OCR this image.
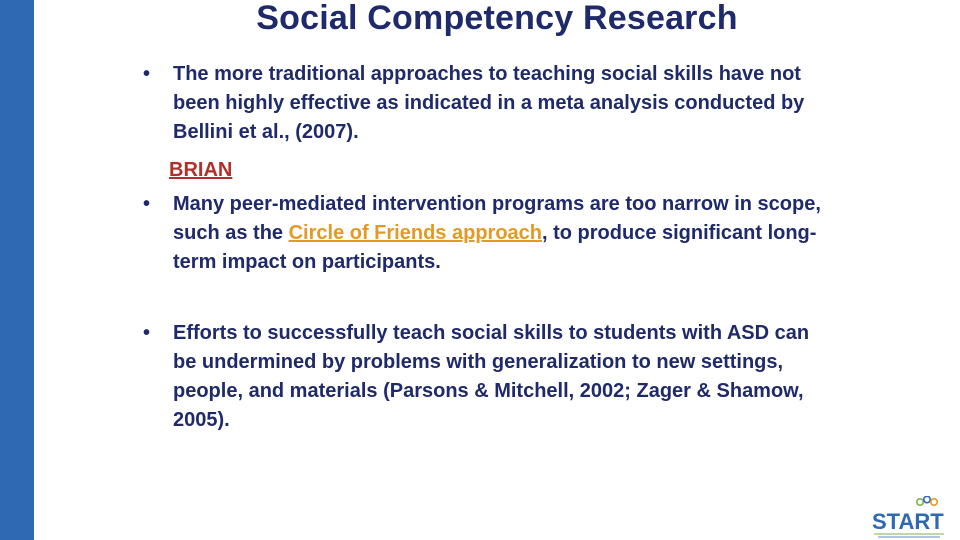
Social Competency Research
•	The more traditional approaches to teaching social skills have not been highly effective as indicated in a meta analysis conducted by Bellini et al., (2007).
BRIAN
•	Many peer-mediated intervention programs are too narrow in scope, such as the Circle of Friends approach, to produce significant long-term impact on participants.
•	Efforts to successfully teach social skills to students with ASD can be undermined by problems with generalization to new settings, people, and materials (Parsons & Mitchell, 2002; Zager & Shamow, 2005).
START
